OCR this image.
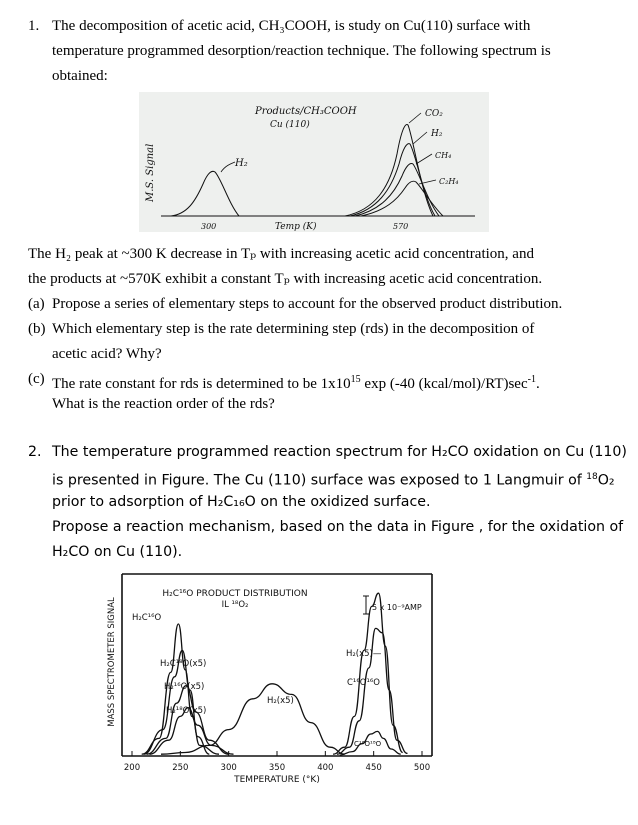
1. The decomposition of acetic acid, CH₃COOH, is study on Cu(110) surface with

temperature programmed desorption/reaction technique. The following spectrum is

obtained:

M.S. Signal
Products/CH₃COOH
Cu (110)
H₂
CO₂
H₂
CH₄
C₂H₄
300	Temp (K)	570

The H₂ peak at ~300 K decrease in Tₚ with increasing acetic acid concentration, and

the products at ~570K exhibit a constant Tₚ with increasing acetic acid concentration.

(a) Propose a series of elementary steps to account for the observed product distribution.

(b) Which elementary step is the rate determining step (rds) in the decomposition of

acetic acid? Why?

(c) The rate constant for rds is determined to be $1x10^{15}$ exp (-40 $(kcal/mol)/RT)\sec^{-1}$.

What is the reaction order of the rds?

2. The temperature programmed reaction spectrum for H₂CO oxidation on Cu (110)

is presented in Figure. The Cu (110) surface was exposed to 1 Langmuir of $^{18}$O₂

prior to adsorption of H₂C₁₆O on the oxidized surface.

Propose a reaction mechanism, based on the data in Figure , for the oxidation of

H₂CO on Cu (110).

MASS SPECTROMETER SIGNAL
H₂C¹⁶O PRODUCT DISTRIBUTION
IL ¹⁸O₂	5 x 10⁻⁹AMP
200	250	300	350	400	450	500
H₂C¹⁶O
H₂C¹⁸O(x5)
H₂¹⁶O(x5)
H₂¹⁸O(x5)
H₂(x5)
H₂(x5)—
C¹⁶O¹⁶O
C¹⁶O¹⁸O
TEMPERATURE (°K)
